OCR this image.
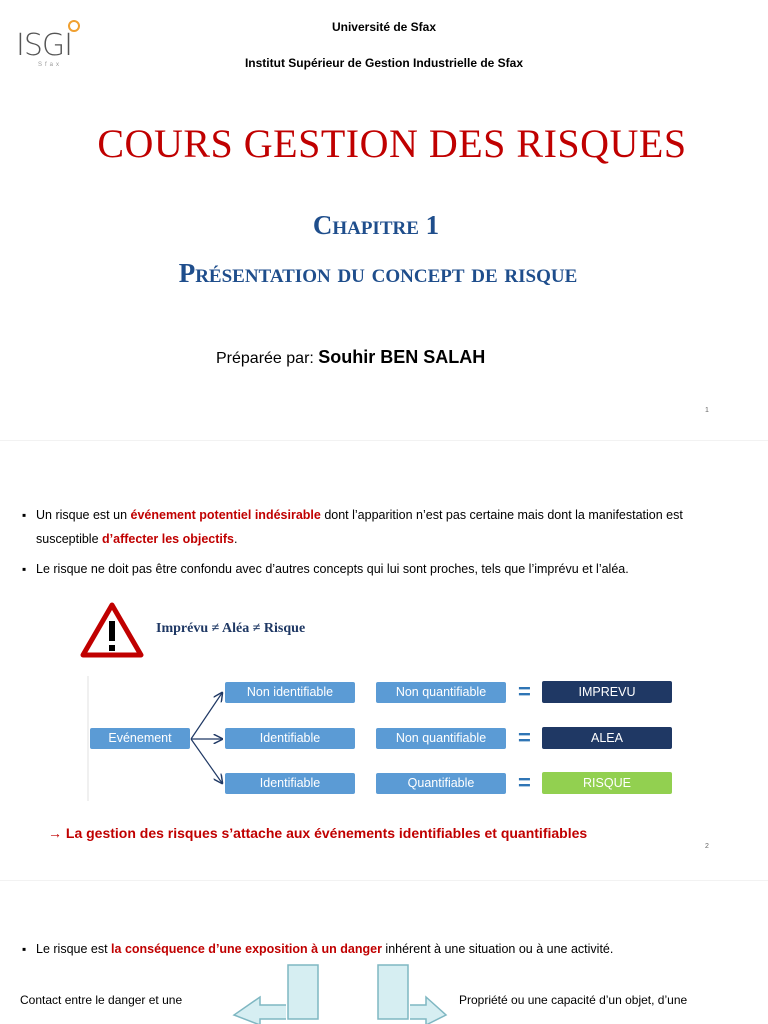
ISGI
Sfax
Université de Sfax
Institut Supérieur de Gestion Industrielle de Sfax
COURS GESTION DES RISQUES
Chapitre 1
Présentation du concept de risque
Préparée par: Souhir BEN SALAH
1
▪ Un risque est un événement potentiel indésirable dont l’apparition n’est pas certaine mais dont la manifestation est susceptible d’affecter les objectifs.
▪ Le risque ne doit pas être confondu avec d’autres concepts qui lui sont proches, tels que l’imprévu et l’aléa.
Imprévu ≠ Aléa ≠ Risque
Evénement
Non identifiable
Identifiable
Identifiable
Non quantifiable
Non quantifiable
Quantifiable
=
=
=
IMPREVU
ALEA
RISQUE
→ La gestion des risques s’attache aux événements identifiables et quantifiables
2
▪ Le risque est la conséquence d’une exposition à un danger inhérent à une situation ou à une activité.
Contact entre le danger et une	Propriété ou une capacité d’un objet, d’une
